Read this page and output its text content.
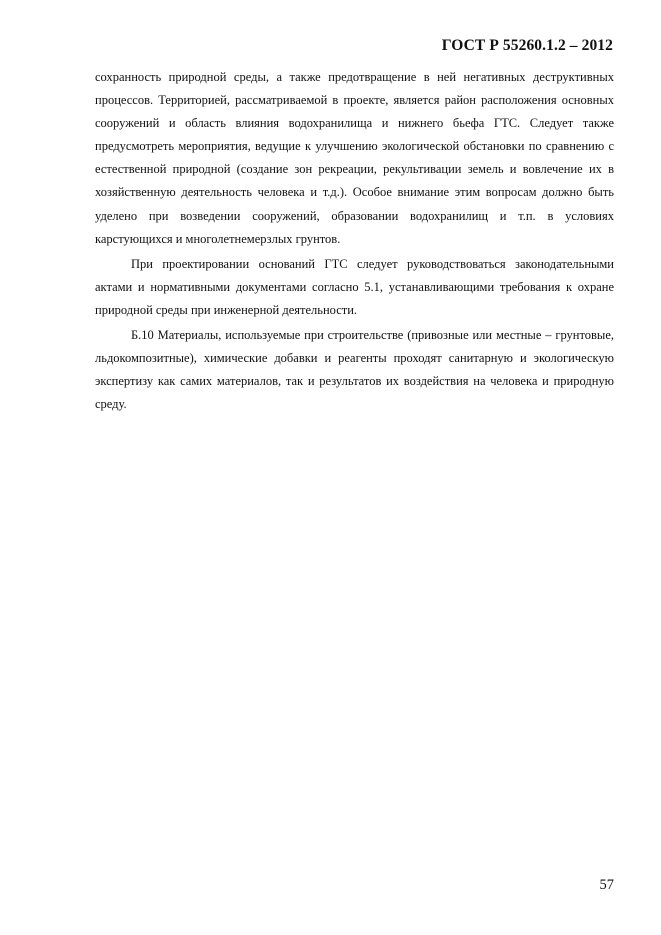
ГОСТ Р 55260.1.2 – 2012

сохранность природной среды, а также предотвращение в ней негативных деструктивных процессов. Территорией, рассматриваемой в проекте, является район расположения основных сооружений и область влияния водохранилища и нижнего бьефа ГТС. Следует также предусмотреть мероприятия, ведущие к улучшению экологической обстановки по сравнению с естественной природной (создание зон рекреации, рекультивации земель и вовлечение их в хозяйственную деятельность человека и т.д.). Особое внимание этим вопросам должно быть уделено при возведении сооружений, образовании водохранилищ и т.п. в условиях карстующихся и многолетнемерзлых грунтов.

При проектировании оснований ГТС следует руководствоваться законодательными актами и нормативными документами согласно 5.1, устанавливающими требования к охране природной среды при инженерной деятельности.

Б.10 Материалы, используемые при строительстве (привозные или местные – грунтовые, льдокомпозитные), химические добавки и реагенты проходят санитарную и экологическую экспертизу как самих материалов, так и результатов их воздействия на человека и природную среду.

57
